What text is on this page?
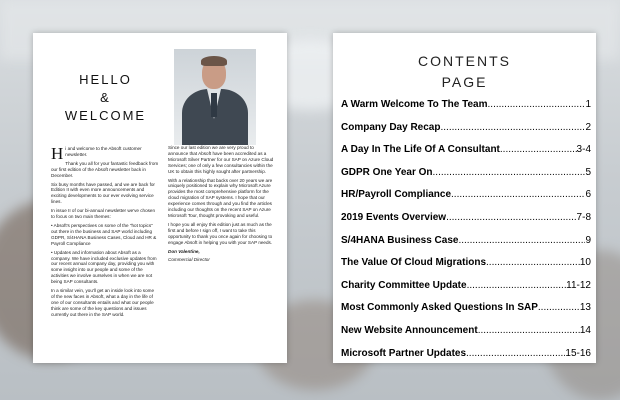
HELLO
&
WELCOME

Hi and welcome to the Absoft customer newsletter.

Thank you all for your fantastic feedback from our first edition of the Absoft newsletter back in December.

Six busy months have passed, and we are back for Edition II with even more announcements and exciting developments to our ever evolving service lines.

In issue II of our bi-annual newsletter we've chosen to focus on two main themes:

• Absoft's perspectives on some of the "hot topics" out there in the business and SAP world including GDPR, S/4HANA Business Cases, Cloud and HR & Payroll Compliance

• Updates and information about Absoft as a company. We have included exclusive updates from our recent annual company day, providing you with some insight into our people and some of the activities we involve ourselves in when we are not being SAP consultants.

In a similar vein, you'll get an inside look into some of the new faces in Absoft, what a day in the life of one of our consultants entails and what our people think are some of the key questions and issues currently out there in the SAP world.

Since our last edition we are very proud to announce that Absoft have been accredited as a Microsoft Silver Partner for our SAP on Azure Cloud Services; one of only a few consultancies within the UK to obtain this highly sought after partnership.

With a relationship that backs over 20 years we are uniquely positioned to explain why Microsoft Azure provides the most comprehensive platform for the cloud migration of SAP systems. I hope that our experience comes through and you find the articles including our thoughts on the recent SAP on Azure Microsoft Tour, thought provoking and useful.

I hope you all enjoy this edition just as much as the first and before I sign off, I want to take this opportunity to thank you once again for choosing to engage Absoft in helping you with your SAP needs.

Don Valentine,

Commercial Director

CONTENTS
PAGE
A Warm Welcome To The Team .....	1
Company Day Recap .....	2
A Day In The Life Of A Consultant .....	3-4
GDPR One Year On .....	5
HR/Payroll Compliance .....	6
2019 Events Overview .....	7-8
S/4HANA Business Case .....	9
The Value Of Cloud Migrations .....	10
Charity Committee Update .....	11-12
Most Commonly Asked Questions In SAP .....	13
New Website Announcement .....	14
Microsoft Partner Updates .....	15-16
